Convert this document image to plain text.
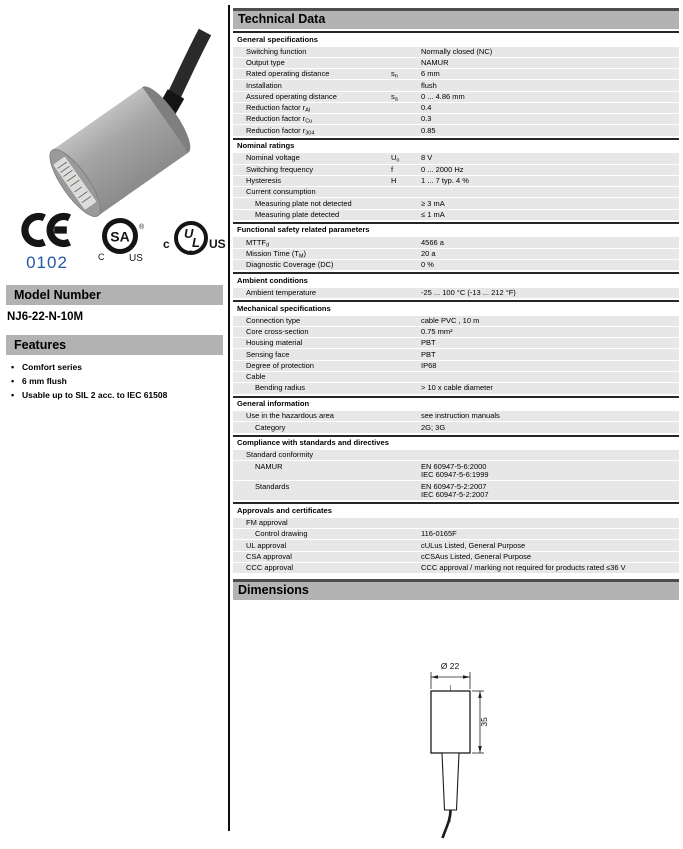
0102
SA
®
C US
U
L
®
c	US
Model Number
NJ6-22-N-10M
Features
• Comfort series
• 6 mm flush
• Usable up to SIL 2 acc. to IEC 61508
Technical Data
General specifications
Switching function	Normally closed (NC)
Output type	NAMUR
Rated operating distance	$s_n$	6 mm
Installation	flush
Assured operating distance	$s_a$	0 ... 4.86 mm
Reduction factor $r_{Al}$	0.4
Reduction factor $r_{Cu}$	0.3
Reduction factor $r_{304}$	0.85
Nominal ratings
Nominal voltage	$U_o$	8 V
Switching frequency	f	0 ... 2000 Hz
Hysteresis	H	1 ... 7 typ. 4 %
Current consumption
Measuring plate not detected	≥ 3 mA
Measuring plate detected	≤ 1 mA
Functional safety related parameters
$MTTF_d$	4566 a
Mission Time $(T_M)$	20 a
Diagnostic Coverage (DC)	0 %
Ambient conditions
Ambient temperature	-25 ... 100 °C (-13 ... 212 °F)
Mechanical specifications
Connection type	cable PVC , 10 m
Core cross-section	0.75 mm²
Housing material	PBT
Sensing face	PBT
Degree of protection	IP68
Cable
Bending radius	> 10 x cable diameter
General information
Use in the hazardous area	see instruction manuals
Category	2G; 3G
Compliance with standards and directives
Standard conformity
NAMUR	EN 60947-5-6:2000
IEC 60947-5-6:1999
Standards	EN 60947-5-2:2007
IEC 60947-5-2:2007
Approvals and certificates
FM approval
Control drawing	116-0165F
UL approval	cULus Listed, General Purpose
CSA approval	cCSAus Listed, General Purpose
CCC approval	CCC approval / marking not required for products rated ≤36 V
Dimensions
Ø 22
35
